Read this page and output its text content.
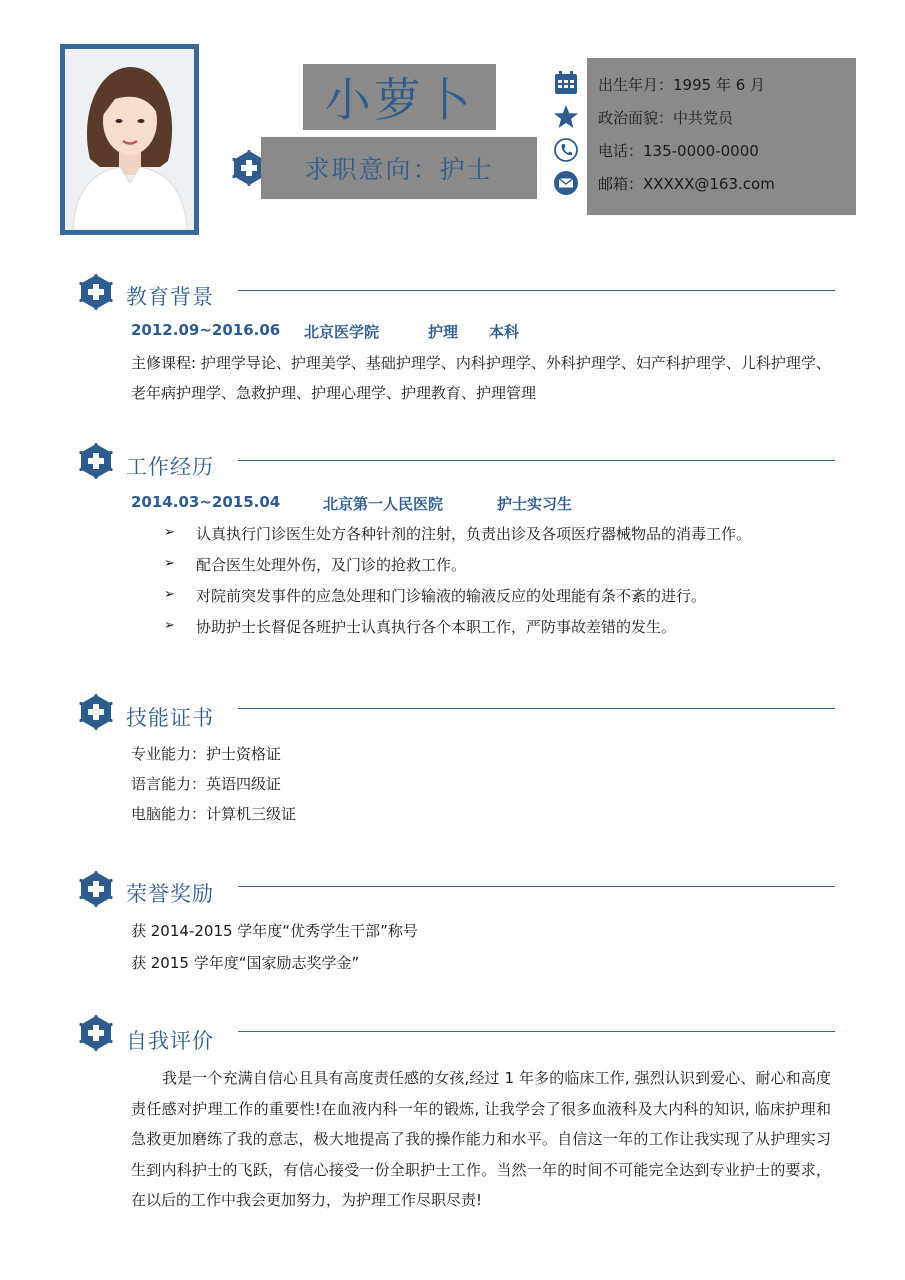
小萝卜
求职意向：护士
出生年月：1995 年 6 月
政治面貌：中共党员
电话：135-0000-0000
邮箱：XXXXX@163.com
教育背景
2012.09~2016.06 北京医学院	护理 本科
主修课程: 护理学导论、护理美学、基础护理学、内科护理学、外科护理学、妇产科护理学、儿科护理学、
老年病护理学、急救护理、护理心理学、护理教育、护理管理
工作经历
2014.03~2015.04	北京第一人民医院	护士实习生
➢ 认真执行门诊医生处方各种针剂的注射，负责出诊及各项医疗器械物品的消毒工作。
➢ 配合医生处理外伤，及门诊的抢救工作。
➢ 对院前突发事件的应急处理和门诊输液的输液反应的处理能有条不紊的进行。
➢ 协助护士长督促各班护士认真执行各个本职工作，严防事故差错的发生。
技能证书
专业能力：护士资格证
语言能力：英语四级证
电脑能力：计算机三级证
荣誉奖励
获 2014-2015 学年度“优秀学生干部”称号
获 2015 学年度“国家励志奖学金”
自我评价
我是一个充满自信心且具有高度责任感的女孩,经过 1 年多的临床工作, 强烈认识到爱心、耐心和高度责任感对护理工作的重要性!在血液内科一年的锻炼, 让我学会了很多血液科及大内科的知识, 临床护理和急救更加磨练了我的意志，极大地提高了我的操作能力和水平。自信这一年的工作让我实现了从护理实习生到内科护士的飞跃，有信心接受一份全职护士工作。当然一年的时间不可能完全达到专业护士的要求，在以后的工作中我会更加努力，为护理工作尽职尽责!
